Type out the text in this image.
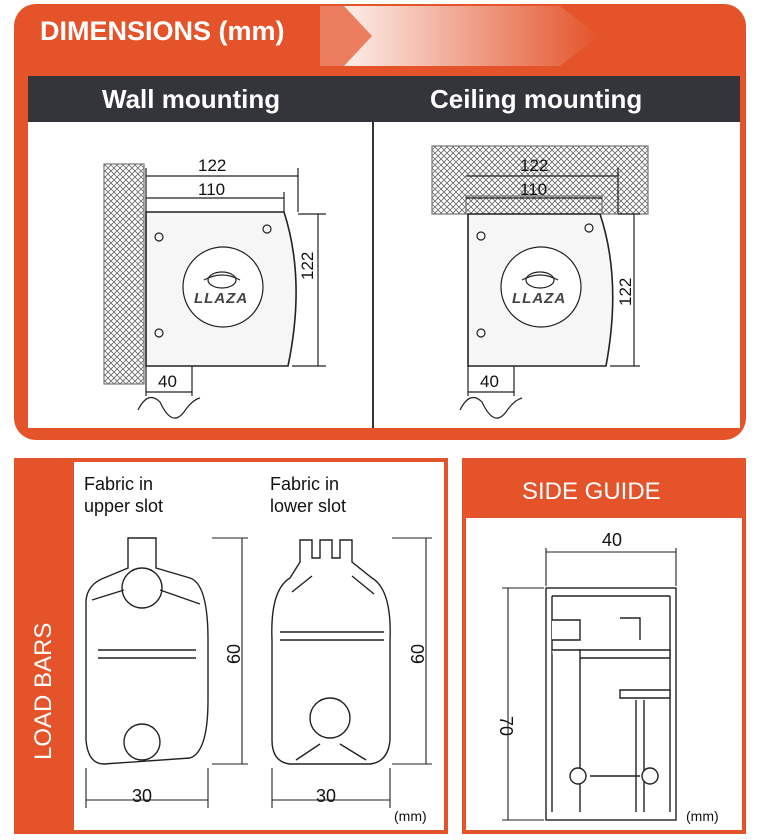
DIMENSIONS (mm)
Wall mounting	Ceiling mounting
122
110
122
40
LLAZA
122
110
122
40
LLAZA
LOAD BARS
Fabric in
upper slot
Fabric in
lower slot
60
30
60
30
(mm)
SIDE GUIDE
40
70
(mm)
